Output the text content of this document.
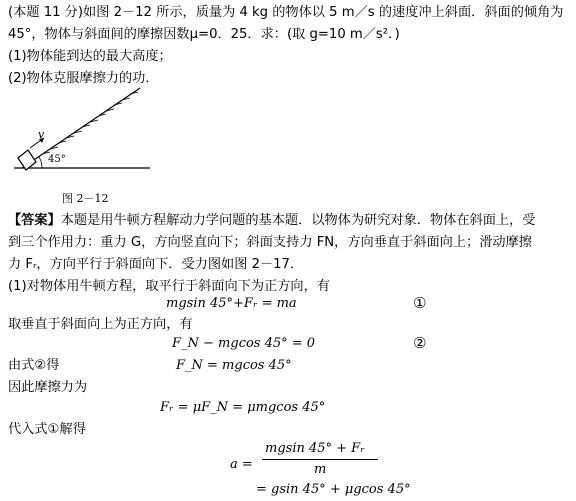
(本题 11 分)如图 2－12 所示，质量为 4 kg 的物体以 5 m／s 的速度冲上斜面．斜面的倾角为
45°，物体与斜面间的摩擦因数μ=0．25．求：(取 g=10 m／s²．)
(1)物体能到达的最大高度；
(2)物体克服摩擦力的功．
v
45°
图 2－12
【答案】本题是用牛顿方程解动力学问题的基本题．以物体为研究对象．物体在斜面上，受
到三个作用力：重力 G，方向竖直向下；斜面支持力 FN，方向垂直于斜面向上；滑动摩擦
力 Fᵣ，方向平行于斜面向下．受力图如图 2－17．
(1)对物体用牛顿方程，取平行于斜面向下为正方向，有
mgsin 45°+Fᵣ = ma	①
取垂直于斜面向上为正方向，有
F_N − mgcos 45° = 0	②
由式②得	F_N = mgcos 45°
因此摩擦力为
Fᵣ = μF_N = μmgcos 45°
代入式①解得
a =
mgsin 45° + Fᵣ
m
= gsin 45° + μgcos 45°
